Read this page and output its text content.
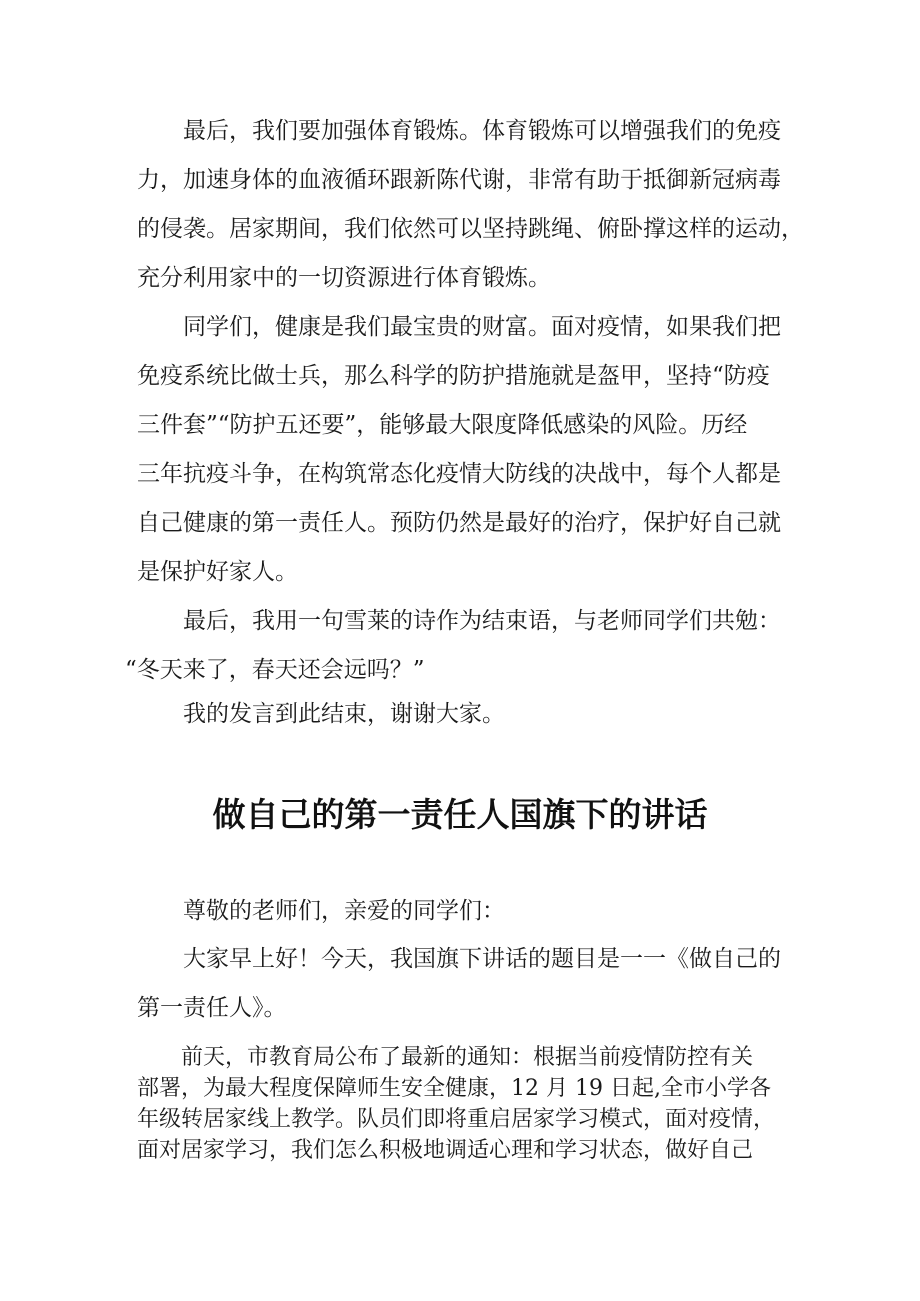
　　最后，我们要加强体育锻炼。体育锻炼可以增强我们的免疫
力，加速身体的血液循环跟新陈代谢，非常有助于抵御新冠病毒
的侵袭。居家期间，我们依然可以坚持跳绳、俯卧撑这样的运动，
充分利用家中的一切资源进行体育锻炼。
　　同学们，健康是我们最宝贵的财富。面对疫情，如果我们把
免疫系统比做士兵，那么科学的防护措施就是盔甲，坚持“防疫
三件套”“防护五还要”，能够最大限度降低感染的风险。历经
三年抗疫斗争，在构筑常态化疫情大防线的决战中，每个人都是
自己健康的第一责任人。预防仍然是最好的治疗，保护好自己就
是保护好家人。
　　最后，我用一句雪莱的诗作为结束语，与老师同学们共勉：
“冬天来了，春天还会远吗？”
　　我的发言到此结束，谢谢大家。
做自己的第一责任人国旗下的讲话
　　尊敬的老师们，亲爱的同学们：
　　大家早上好！今天，我国旗下讲话的题目是一一《做自己的
第一责任人》。
　　前天，市教育局公布了最新的通知：根据当前疫情防控有关
部署，为最大程度保障师生安全健康，12 月 19 日起,全市小学各
年级转居家线上教学。队员们即将重启居家学习模式，面对疫情，
面对居家学习，我们怎么积极地调适心理和学习状态，做好自己
